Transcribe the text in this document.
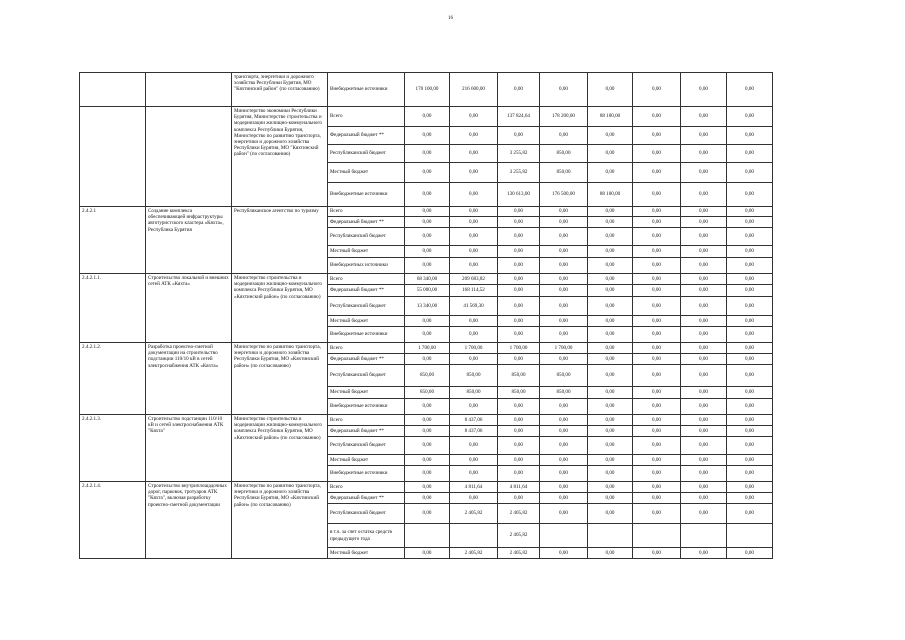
16
		транспорта, энергетики и дорожного хозяйства Республики Бурятия, МО "Кяхтинский район" (по согласованию)	Внебюджетные источники	170 100,00	216 600,00	0,00	0,00	0,00	0,00	0,00	0,00
		Министерство экономики Республики Бурятия, Министерство строительства и модернизации жилищно-коммунального комплекса Республики Бурятия, Министерство по развитию транспорта, энергетики и дорожного хозяйства Республики Бурятия, МО "Кяхтинский район" (по согласованию)	Всего	0,00	0,00	137 824,64	178 200,00	88 100,00	0,00	0,00	0,00
			Федеральный бюджет **	0,00	0,00	0,00	0,00	0,00	0,00	0,00	0,00
			Республиканский бюджет	0,00	0,00	3 255,82	850,00	0,00	0,00	0,00	0,00
			Местный бюджет	0,00	0,00	3 255,82	850,00	0,00	0,00	0,00	0,00
			Внебюджетные источники	0,00	0,00	130 613,00	176 500,00	88 100,00	0,00	0,00	0,00
2.4.2.1	Создание комплекса обеспечивающей инфраструктуры автотуристского кластера «Кяхта», Республика Бурятия	Республиканское агентство по туризму	Всего	0,00	0,00	0,00	0,00	0,00	0,00	0,00	0,00
			Федеральный бюджет **	0,00	0,00	0,00	0,00	0,00	0,00	0,00	0,00
			Республиканский бюджет	0,00	0,00	0,00	0,00	0,00	0,00	0,00	0,00
			Местный бюджет	0,00	0,00	0,00	0,00	0,00	0,00	0,00	0,00
			Внебюджетных источники	0,00	0,00	0,00	0,00	0,00	0,00	0,00	0,00
2.4.2.1.1.	Строительство локальной и внешних сетей АТК «Кяхта»	Министерство строительства и модернизации жилищно-коммунального комплекса Республики Бурятия, МО «Кяхтинский район» (по согласованию)	Всего	68 340,00	209 683,82	0,00	0,00	0,00	0,00	0,00	0,00
			Федеральный бюджет **	55 000,00	168 114,52	0,00	0,00	0,00	0,00	0,00	0,00
			Республиканский бюджет	13 340,00	41 569,30	0,00	0,00	0,00	0,00	0,00	0,00
			Местный бюджет	0,00	0,00	0,00	0,00	0,00	0,00	0,00	0,00
			Внебюджетные источники	0,00	0,00	0,00	0,00	0,00	0,00	0,00	0,00
2.4.2.1.2.	Разработка проектно-сметной документации на строительство подстанции 110/10 кВ в сетей электроснабжения АТК «Кяхта»	Министерство по развитию транспорта, энергетики и дорожного хозяйства Республики Бурятия, МО «Кяхтинский район» (по согласованию)	Всего	1 700,00	1 700,00	1 700,00	1 700,00	0,00	0,00	0,00	0,00
			Федеральный бюджет **	0,00	0,00	0,00	0,00	0,00	0,00	0,00	0,00
			Республиканский бюджет	850,00	850,00	850,00	850,00	0,00	0,00	0,00	0,00
			Местный бюджет	850,00	850,00	850,00	850,00	0,00	0,00	0,00	0,00
			Внебюджетные источники	0,00	0,00	0,00	0,00	0,00	0,00	0,00	0,00
2.4.2.1.3.	Строительство подстанции 110/10 кВ и сетей электроснабжения АТК "Кяхта"	Министерство строительства и модернизации жилищно-коммунального комплекса Республики Бурятия, МО «Кяхтинский район» (по согласованию)	Всего	0,00	8 437,06	0,00	0,00	0,00	0,00	0,00	0,00
			Федеральный бюджет **	0,00	8 437,06	0,00	0,00	0,00	0,00	0,00	0,00
			Республиканский бюджет	0,00	0,00	0,00	0,00	0,00	0,00	0,00	0,00
			Местный бюджет	0,00	0,00	0,00	0,00	0,00	0,00	0,00	0,00
			Внебюджетные источники	0,00	0,00	0,00	0,00	0,00	0,00	0,00	0,00
2.4.2.1.4.	Строительство внутриплощадочных дорог, парковок, тротуаров АТК "Кяхта", включая разработку проектно-сметной документации	Министерство по развитию транспорта, энергетики и дорожного хозяйства Республики Бурятия, МО «Кяхтинский район» (по согласованию)	Всего	0,00	4 811,64	4 811,64	0,00	0,00	0,00	0,00	0,00
			Федеральный бюджет **	0,00	0,00	0,00	0,00	0,00	0,00	0,00	0,00
			Республиканский бюджет	0,00	2 405,82	2 405,82	0,00	0,00	0,00	0,00	0,00
			в т.ч. за счет остатка средств предыдущего года			2 405,82					
			Местный бюджет	0,00	2 405,82	2 405,82	0,00	0,00	0,00	0,00	0,00
